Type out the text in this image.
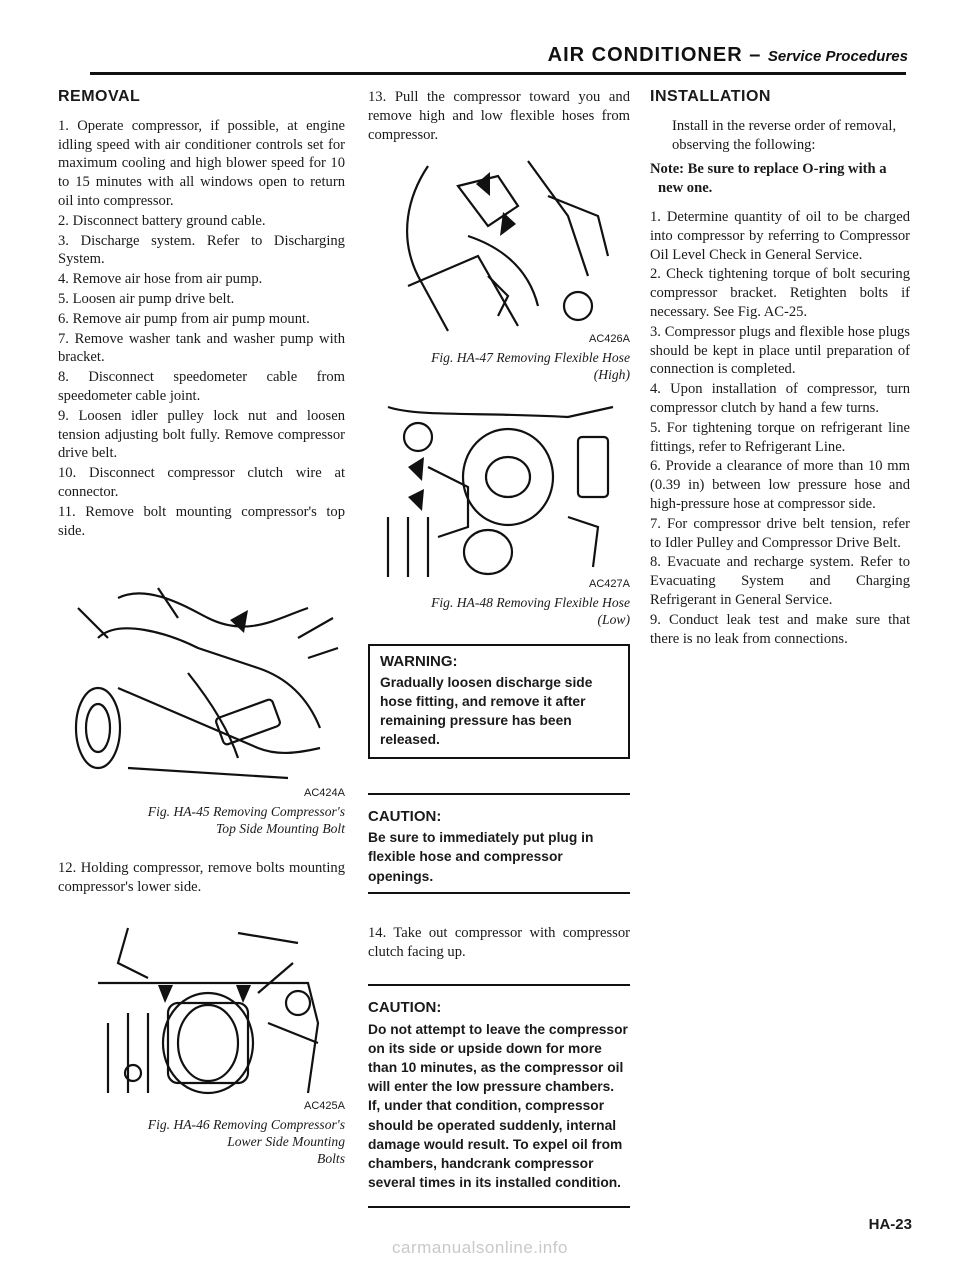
AIR CONDITIONER – Service Procedures
REMOVAL
1. Operate compressor, if possible, at engine idling speed with air conditioner controls set for maximum cooling and high blower speed for 10 to 15 minutes with all windows open to return oil into compressor.
2. Disconnect battery ground cable.
3. Discharge system. Refer to Discharging System.
4. Remove air hose from air pump.
5. Loosen air pump drive belt.
6. Remove air pump from air pump mount.
7. Remove washer tank and washer pump with bracket.
8. Disconnect speedometer cable from speedometer cable joint.
9. Loosen idler pulley lock nut and loosen tension adjusting bolt fully. Remove compressor drive belt.
10. Disconnect compressor clutch wire at connector.
11. Remove bolt mounting compressor's top side.
AC424A
Fig. HA-45 Removing Compressor's
Top Side Mounting Bolt
12. Holding compressor, remove bolts mounting compressor's lower side.
AC425A
Fig. HA-46 Removing Compressor's
Lower Side Mounting
Bolts
13. Pull the compressor toward you and remove high and low flexible hoses from compressor.
AC426A
Fig. HA-47 Removing Flexible Hose
(High)
AC427A
Fig. HA-48 Removing Flexible Hose
(Low)
WARNING:
Gradually loosen discharge side hose fitting, and remove it after remaining pressure has been released.
CAUTION:
Be sure to immediately put plug in flexible hose and compressor openings.
14. Take out compressor with compressor clutch facing up.
CAUTION:
Do not attempt to leave the compressor on its side or upside down for more than 10 minutes, as the compressor oil will enter the low pressure chambers. If, under that condition, compressor should be operated suddenly, internal damage would result. To expel oil from chambers, handcrank compressor several times in its installed condition.
INSTALLATION
Install in the reverse order of removal, observing the following:
Note: Be sure to replace O-ring with a new one.
1. Determine quantity of oil to be charged into compressor by referring to Compressor Oil Level Check in General Service.
2. Check tightening torque of bolt securing compressor bracket. Retighten bolts if necessary. See Fig. AC-25.
3. Compressor plugs and flexible hose plugs should be kept in place until preparation of connection is completed.
4. Upon installation of compressor, turn compressor clutch by hand a few turns.
5. For tightening torque on refrigerant line fittings, refer to Refrigerant Line.
6. Provide a clearance of more than 10 mm (0.39 in) between low pressure hose and high-pressure hose at compressor side.
7. For compressor drive belt tension, refer to Idler Pulley and Compressor Drive Belt.
8. Evacuate and recharge system. Refer to Evacuating System and Charging Refrigerant in General Service.
9. Conduct leak test and make sure that there is no leak from connections.
HA-23
carmanualsonline.info
